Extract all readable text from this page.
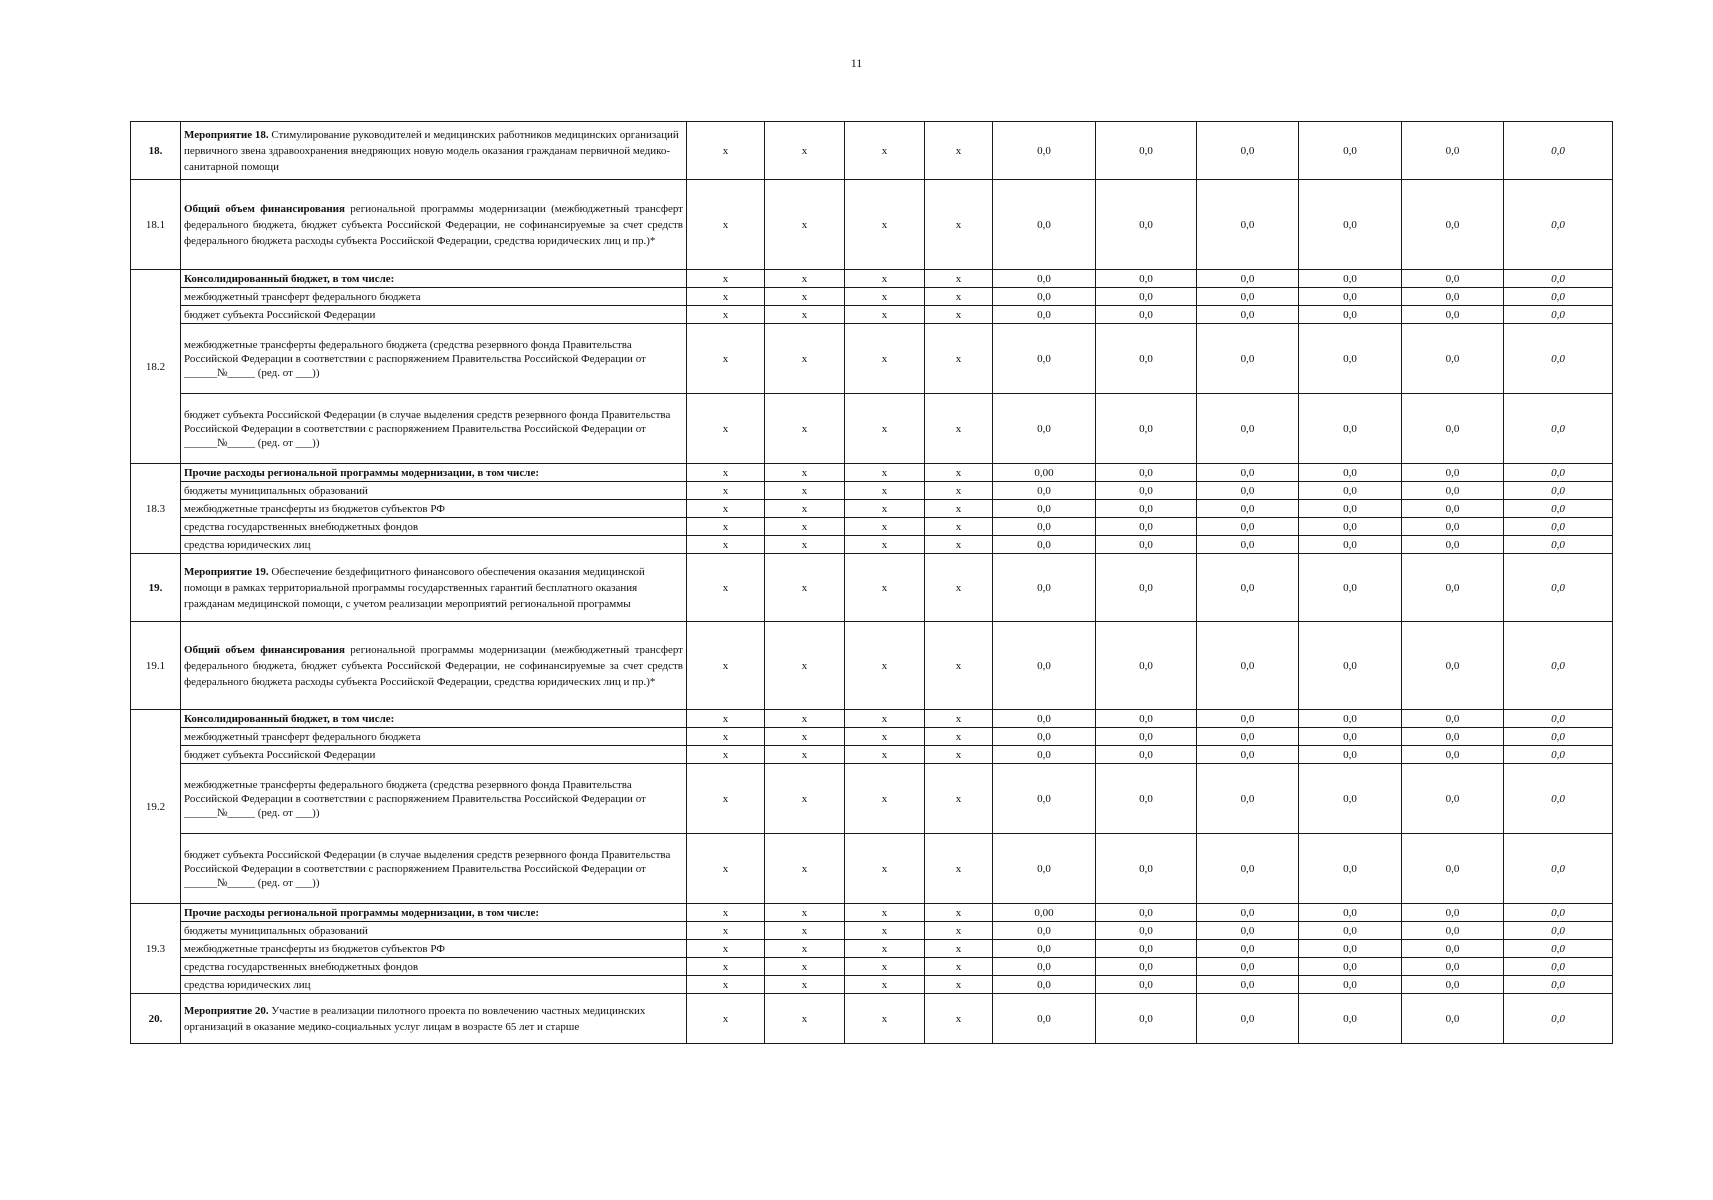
11
18.	Мероприятие 18. Стимулирование руководителей и медицинских работников медицинских организаций первичного звена здравоохранения внедряющих новую модель оказания гражданам первичной медико-санитарной помощи	x	x	x	x	0,0	0,0	0,0	0,0	0,0	0,0
18.1	Общий объем финансирования региональной программы модернизации (межбюджетный трансферт федерального бюджета, бюджет субъекта Российской Федерации, не софинансируемые за счет средств федерального бюджета расходы субъекта Российской Федерации, средства юридических лиц и пр.)*	x	x	x	x	0,0	0,0	0,0	0,0	0,0	0,0
18.2	Консолидированный бюджет, в том числе:	x	x	x	x	0,0	0,0	0,0	0,0	0,0	0,0
	межбюджетный трансферт федерального бюджета	x	x	x	x	0,0	0,0	0,0	0,0	0,0	0,0
	бюджет субъекта Российской Федерации	x	x	x	x	0,0	0,0	0,0	0,0	0,0	0,0
	межбюджетные трансферты федерального бюджета (средства резервного фонда Правительства Российской Федерации в соответствии с распоряжением Правительства Российской Федерации от ______№_____ (ред. от ___))	x	x	x	x	0,0	0,0	0,0	0,0	0,0	0,0
	бюджет субъекта Российской Федерации (в случае выделения средств резервного фонда Правительства Российской Федерации в соответствии с распоряжением Правительства Российской Федерации от ______№_____ (ред. от ___))	x	x	x	x	0,0	0,0	0,0	0,0	0,0	0,0
18.3	Прочие расходы региональной программы модернизации, в том числе:	x	x	x	x	0,00	0,0	0,0	0,0	0,0	0,0
	бюджеты муниципальных образований	x	x	x	x	0,0	0,0	0,0	0,0	0,0	0,0
	межбюджетные трансферты из бюджетов субъектов РФ	x	x	x	x	0,0	0,0	0,0	0,0	0,0	0,0
	средства государственных внебюджетных фондов	x	x	x	x	0,0	0,0	0,0	0,0	0,0	0,0
	средства юридических лиц	x	x	x	x	0,0	0,0	0,0	0,0	0,0	0,0
19.	Мероприятие 19. Обеспечение бездефицитного финансового обеспечения оказания медицинской помощи в рамках территориальной программы государственных гарантий бесплатного оказания гражданам медицинской помощи, с учетом реализации мероприятий региональной программы	x	x	x	x	0,0	0,0	0,0	0,0	0,0	0,0
19.1	Общий объем финансирования региональной программы модернизации (межбюджетный трансферт федерального бюджета, бюджет субъекта Российской Федерации, не софинансируемые за счет средств федерального бюджета расходы субъекта Российской Федерации, средства юридических лиц и пр.)*	x	x	x	x	0,0	0,0	0,0	0,0	0,0	0,0
19.2	Консолидированный бюджет, в том числе:	x	x	x	x	0,0	0,0	0,0	0,0	0,0	0,0
	межбюджетный трансферт федерального бюджета	x	x	x	x	0,0	0,0	0,0	0,0	0,0	0,0
	бюджет субъекта Российской Федерации	x	x	x	x	0,0	0,0	0,0	0,0	0,0	0,0
	межбюджетные трансферты федерального бюджета (средства резервного фонда Правительства Российской Федерации в соответствии с распоряжением Правительства Российской Федерации от ______№_____ (ред. от ___))	x	x	x	x	0,0	0,0	0,0	0,0	0,0	0,0
	бюджет субъекта Российской Федерации (в случае выделения средств резервного фонда Правительства Российской Федерации в соответствии с распоряжением Правительства Российской Федерации от ______№_____ (ред. от ___))	x	x	x	x	0,0	0,0	0,0	0,0	0,0	0,0
19.3	Прочие расходы региональной программы модернизации, в том числе:	x	x	x	x	0,00	0,0	0,0	0,0	0,0	0,0
	бюджеты муниципальных образований	x	x	x	x	0,0	0,0	0,0	0,0	0,0	0,0
	межбюджетные трансферты из бюджетов субъектов РФ	x	x	x	x	0,0	0,0	0,0	0,0	0,0	0,0
	средства государственных внебюджетных фондов	x	x	x	x	0,0	0,0	0,0	0,0	0,0	0,0
	средства юридических лиц	x	x	x	x	0,0	0,0	0,0	0,0	0,0	0,0
20.	Мероприятие 20. Участие в реализации пилотного проекта по вовлечению частных медицинских организаций в оказание медико-социальных услуг лицам в возрасте 65 лет и старше	x	x	x	x	0,0	0,0	0,0	0,0	0,0	0,0
